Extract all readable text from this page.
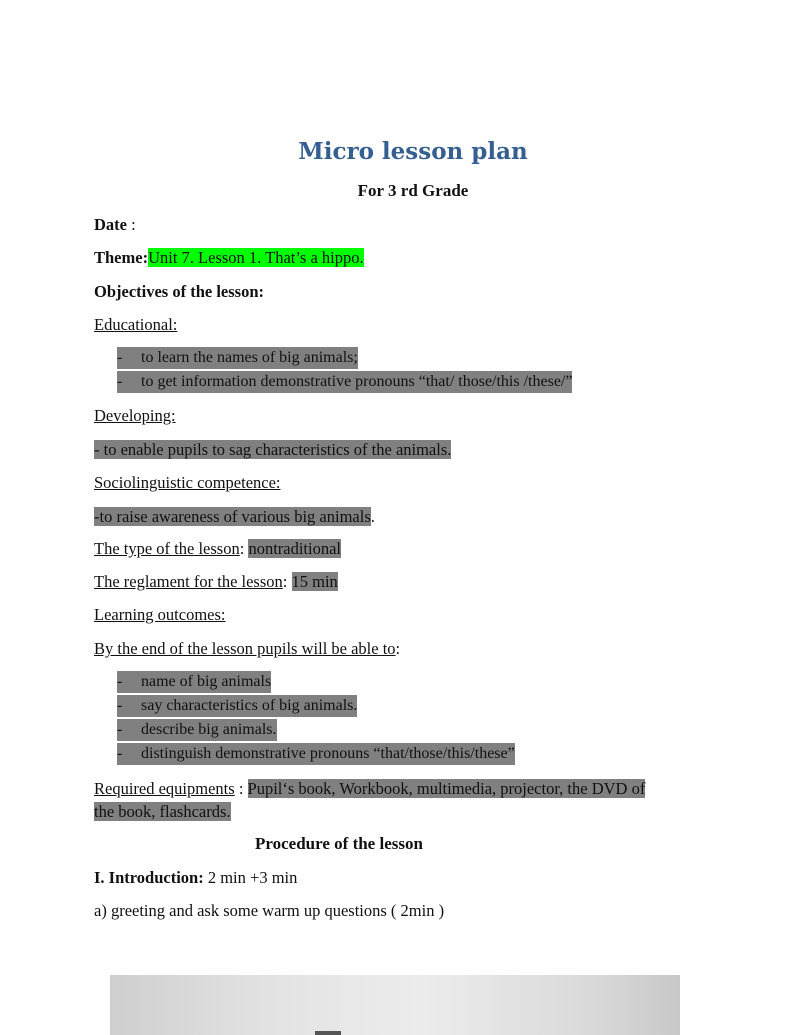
Micro lesson plan
For 3 rd Grade
Date :
Theme:Unit 7. Lesson 1. That’s a hippo.
Objectives of the lesson:
Educational:
- to learn the names of big animals;
- to get information demonstrative pronouns “that/ those/this /these/”
Developing:
- to enable pupils to sag characteristics of the animals.
Sociolinguistic competence:
-to raise awareness of various big animals.
The type of the lesson: nontraditional
The reglament for the lesson: 15 min
Learning outcomes:
By the end of the lesson pupils will be able to:
- name of big animals
- say characteristics of big animals.
- describe big animals.
- distinguish demonstrative pronouns “that/those/this/these”
Required equipments : Pupil‘s book, Workbook, multimedia, projector, the DVD of
the book, flashcards.
Procedure of the lesson
I. Introduction: 2 min +3 min
a) greeting and ask some warm up questions ( 2min )
